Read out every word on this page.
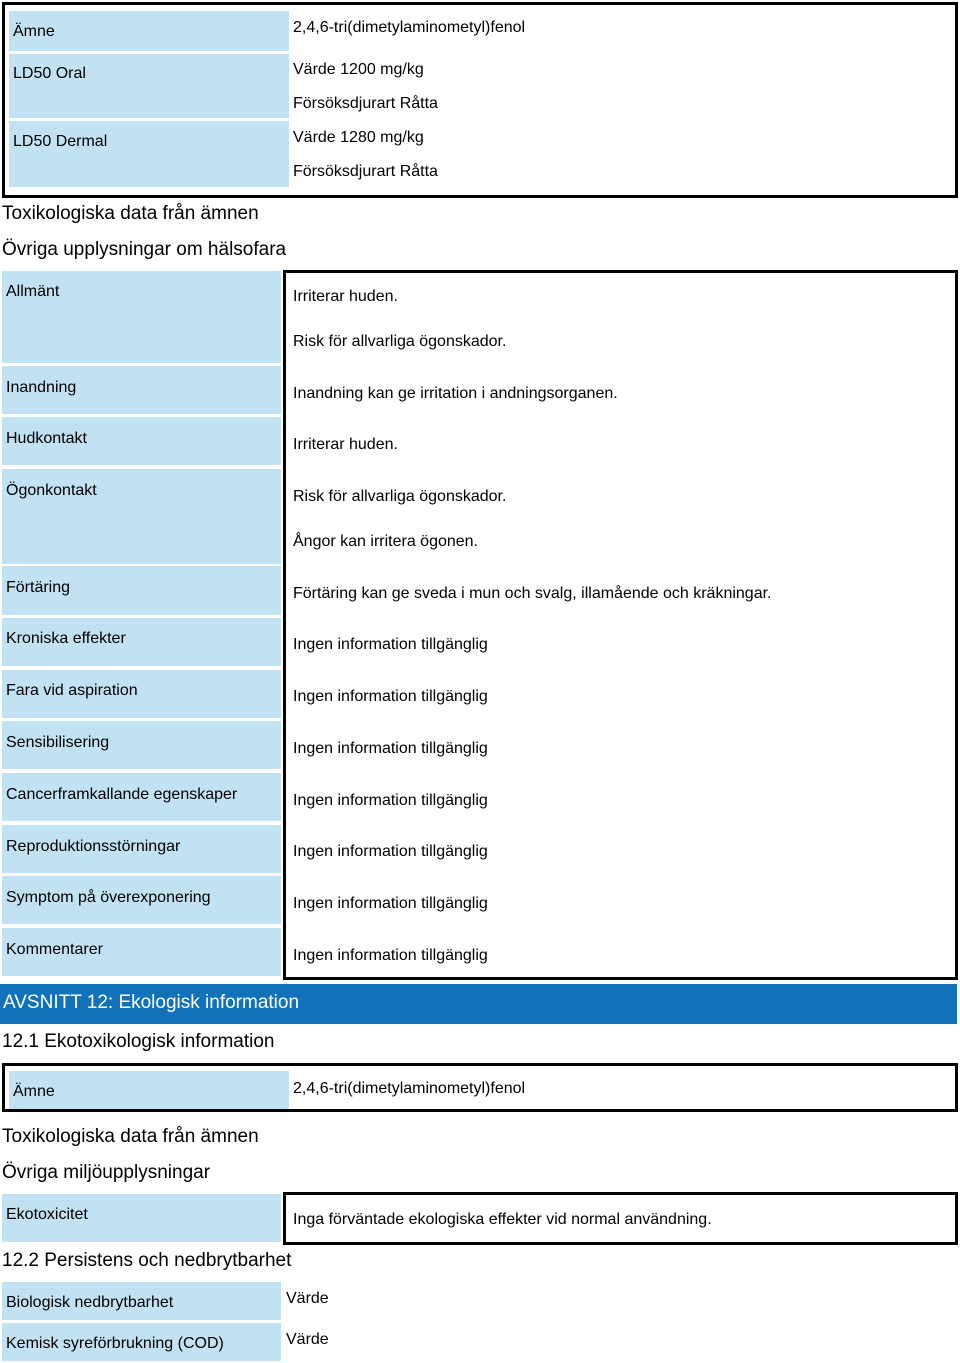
Ämne	2,4,6-tri(dimetylaminometyl)fenol
LD50 Oral	Värde 1200 mg/kg
Försöksdjurart Råtta
LD50 Dermal	Värde 1280 mg/kg
Försöksdjurart Råtta
Toxikologiska data från ämnen
Övriga upplysningar om hälsofara
Allmänt	Irriterar huden.
Risk för allvarliga ögonskador.
Inandning	Inandning kan ge irritation i andningsorganen.
Hudkontakt	Irriterar huden.
Ögonkontakt	Risk för allvarliga ögonskador.
Ångor kan irritera ögonen.
Förtäring	Förtäring kan ge sveda i mun och svalg, illamående och kräkningar.
Kroniska effekter	Ingen information tillgänglig
Fara vid aspiration	Ingen information tillgänglig
Sensibilisering	Ingen information tillgänglig
Cancerframkallande egenskaper	Ingen information tillgänglig
Reproduktionsstörningar	Ingen information tillgänglig
Symptom på överexponering	Ingen information tillgänglig
Kommentarer	Ingen information tillgänglig
AVSNITT 12: Ekologisk information
12.1 Ekotoxikologisk information
Ämne	2,4,6-tri(dimetylaminometyl)fenol
Toxikologiska data från ämnen
Övriga miljöupplysningar
Ekotoxicitet	Inga förväntade ekologiska effekter vid normal användning.
12.2 Persistens och nedbrytbarhet
Biologisk nedbrytbarhet	Värde
Kemisk syreförbrukning (COD)	Värde
